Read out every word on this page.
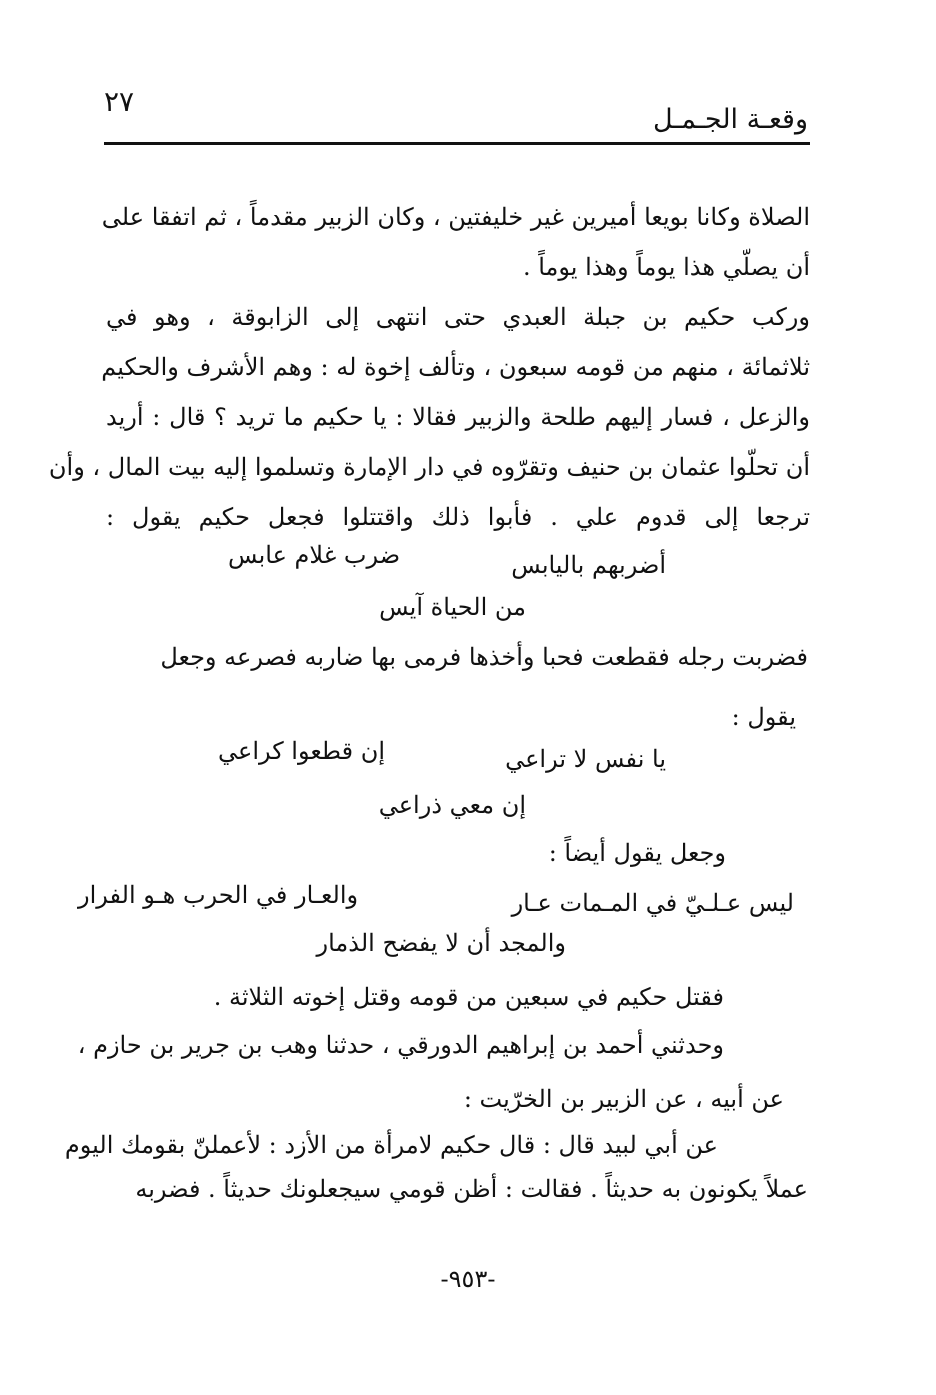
وقعـة الجـمـل
٢٧
الصلاة وكانا بويعا أميرين غير خليفتين ، وكان الزبير مقدماً ، ثم اتفقا على
أن يصلّي هذا يوماً وهذا يوماً .
وركب حكيم بن جبلة العبدي حتى انتهى إلى الزابوقة ، وهو في
ثلاثمائة ، منهم من قومه سبعون ، وتألف إخوة له : وهم الأشرف والحكيم
والزعل ، فسار إليهم طلحة والزبير فقالا : يا حكيم ما تريد ؟ قال : أريد
أن تحلّوا عثمان بن حنيف وتقرّوه في دار الإمارة وتسلموا إليه بيت المال ، وأن
ترجعا إلى قدوم علي . فأبوا ذلك واقتتلوا فجعل حكيم يقول :
أضربهم باليابس
ضرب غلام عابس
من الحياة آيس
فضربت رجله فقطعت فحبا وأخذها فرمى بها ضاربه فصرعه وجعل
يقول :
يا نفس لا تراعي
إن قطعوا كراعي
إن معي ذراعي
وجعل يقول أيضاً :
ليس عـلـيّ في المـمات عـار
والعـار في الحرب هـو الفرار
والمجد أن لا يفضح الذمار
فقتل حكيم في سبعين من قومه وقتل إخوته الثلاثة .
وحدثني أحمد بن إبراهيم الدورقي ، حدثنا وهب بن جرير بن حازم ،
عن أبيه ، عن الزبير بن الخرّيت :
عن أبي لبيد قال : قال حكيم لامرأة من الأزد : لأعملنّ بقومك اليوم
عملاً يكونون به حديثاً . فقالت : أظن قومي سيجعلونك حديثاً . فضربه
-٩٥٣-
